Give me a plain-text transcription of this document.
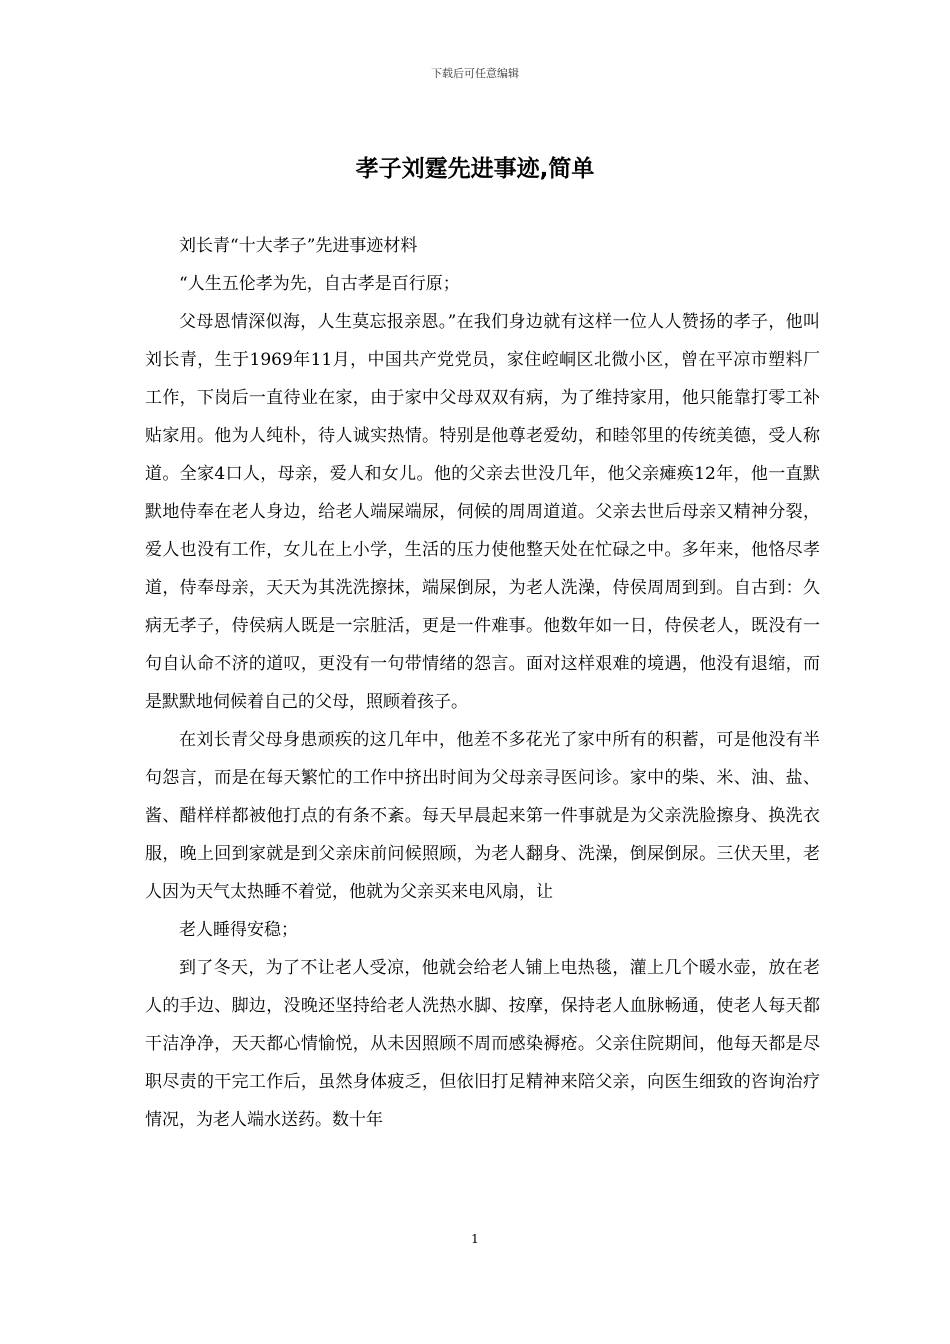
下载后可任意编辑
孝子刘霆先进事迹,简单

刘长青“十大孝子”先进事迹材料

“人生五伦孝为先，自古孝是百行原；

父母恩情深似海，人生莫忘报亲恩。”在我们身边就有这样一位人人赞扬的孝子，他叫刘长青，生于1969年11月，中国共产党党员，家住崆峒区北微小区，曾在平凉市塑料厂工作，下岗后一直待业在家，由于家中父母双双有病，为了维持家用，他只能靠打零工补贴家用。他为人纯朴，待人诚实热情。特别是他尊老爱幼，和睦邻里的传统美德，受人称道。全家4口人，母亲，爱人和女儿。他的父亲去世没几年，他父亲瘫痪12年，他一直默默地侍奉在老人身边，给老人端屎端尿，伺候的周周道道。父亲去世后母亲又精神分裂，爱人也没有工作，女儿在上小学，生活的压力使他整天处在忙碌之中。多年来，他恪尽孝道，侍奉母亲，天天为其洗洗擦抹，端屎倒尿，为老人洗澡，侍侯周周到到。自古到：久病无孝子，侍侯病人既是一宗脏活，更是一件难事。他数年如一日，侍侯老人，既没有一句自认命不济的道叹，更没有一句带情绪的怨言。面对这样艰难的境遇，他没有退缩，而是默默地伺候着自己的父母，照顾着孩子。

在刘长青父母身患顽疾的这几年中，他差不多花光了家中所有的积蓄，可是他没有半句怨言，而是在每天繁忙的工作中挤出时间为父母亲寻医问诊。家中的柴、米、油、盐、酱、醋样样都被他打点的有条不紊。每天早晨起来第一件事就是为父亲洗脸擦身、换洗衣服，晚上回到家就是到父亲床前问候照顾，为老人翻身、洗澡，倒屎倒尿。三伏天里，老人因为天气太热睡不着觉，他就为父亲买来电风扇，让

老人睡得安稳；

到了冬天，为了不让老人受凉，他就会给老人铺上电热毯，灌上几个暖水壶，放在老人的手边、脚边，没晚还坚持给老人洗热水脚、按摩，保持老人血脉畅通，使老人每天都干洁净净，天天都心情愉悦，从未因照顾不周而感染褥疮。父亲住院期间，他每天都是尽职尽责的干完工作后，虽然身体疲乏，但依旧打足精神来陪父亲，向医生细致的咨询治疗情况，为老人端水送药。数十年

1
